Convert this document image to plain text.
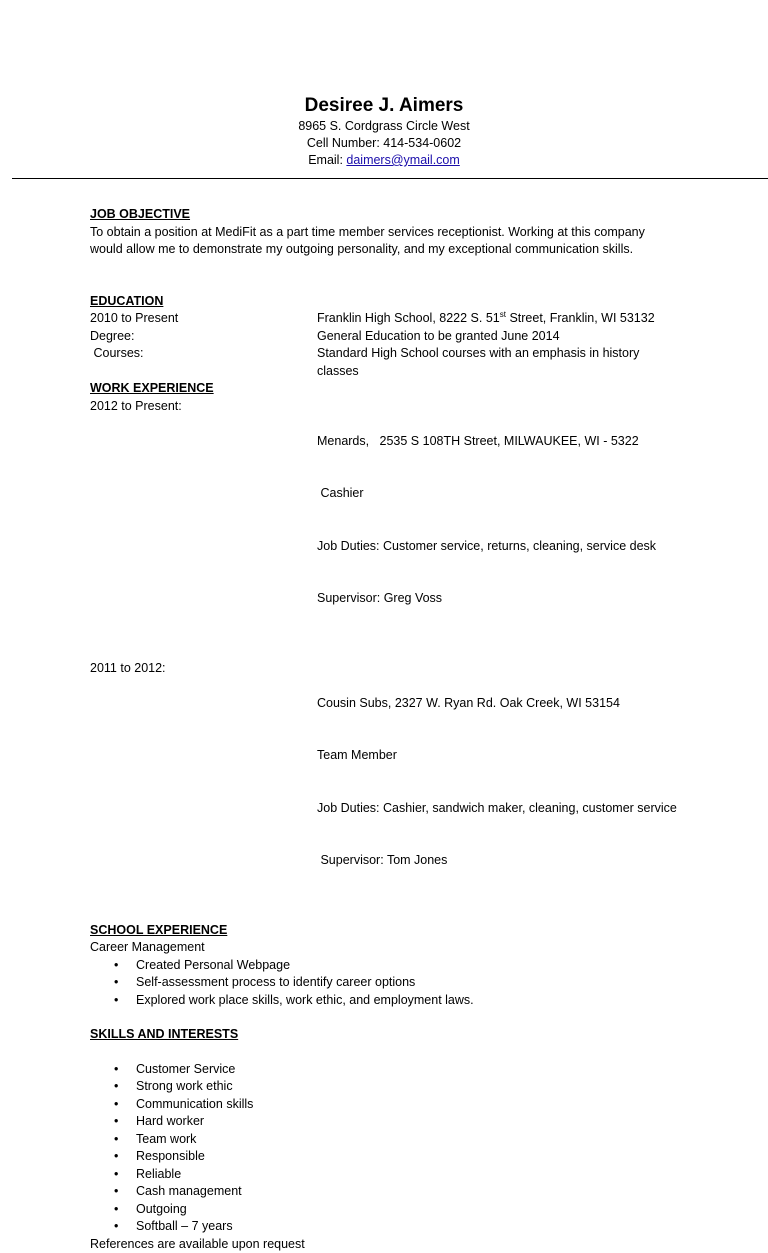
Desiree J. Aimers
8965 S. Cordgrass Circle West
Cell Number: 414-534-0602
Email: daimers@ymail.com
JOB OBJECTIVE
To obtain a position at MediFit as a part time member services receptionist. Working at this company
would allow me to demonstrate my outgoing personality, and my exceptional communication skills.
EDUCATION
2010 to Present	Franklin High School, 8222 S. 51st Street, Franklin, WI 53132
Degree:	General Education to be granted June 2014
Courses:	Standard High School courses with an emphasis in history
classes
WORK EXPERIENCE
2012 to Present:

Menards,   2535 S 108TH Street, MILWAUKEE, WI - 5322

Cashier

Job Duties: Customer service, returns, cleaning, service desk

Supervisor: Greg Voss

2011 to 2012:

Cousin Subs, 2327 W. Ryan Rd. Oak Creek, WI 53154

Team Member

Job Duties: Cashier, sandwich maker, cleaning, customer service

Supervisor: Tom Jones

SCHOOL EXPERIENCE
Career Management
• Created Personal Webpage
• Self-assessment process to identify career options
• Explored work place skills, work ethic, and employment laws.
SKILLS AND INTERESTS
• Customer Service
• Strong work ethic
• Communication skills
• Hard worker
• Team work
• Responsible
• Reliable
• Cash management
• Outgoing
• Softball – 7 years
References are available upon request
